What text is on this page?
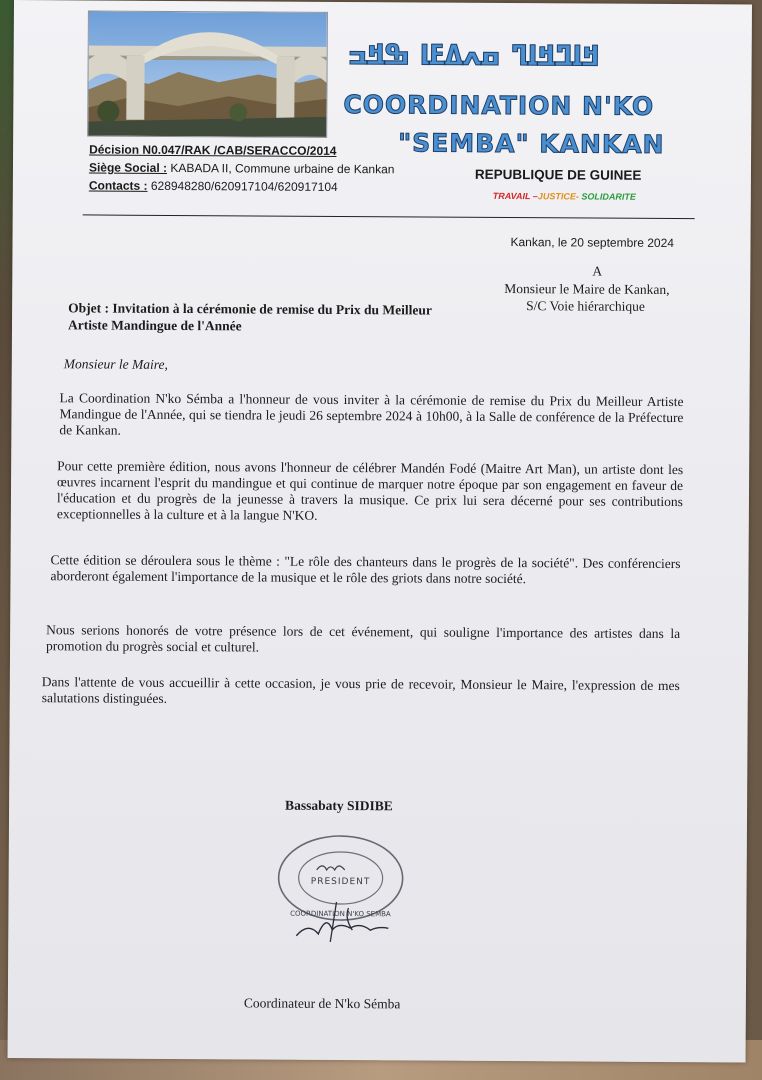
ߞߊߣߞߊߣ ߛߍߡߓߊ ߒߞߏ
COORDINATION N'KO
"SEMBA" KANKAN
Décision N0.047/RAK /CAB/SERACCO/2014
Siège Social : KABADA II, Commune urbaine de Kankan
Contacts : 628948280/620917104/620917104
REPUBLIQUE DE GUINEE
TRAVAIL –JUSTICE- SOLIDARITE
Kankan, le 20 septembre 2024
A
Monsieur le Maire de Kankan,
S/C Voie hiérarchique
Objet : Invitation à la cérémonie de remise du Prix du Meilleur
Artiste Mandingue de l'Année
Monsieur le Maire,
La Coordination N'ko Sémba a l'honneur de vous inviter à la cérémonie de remise du Prix du Meilleur Artiste Mandingue de l'Année, qui se tiendra le jeudi 26 septembre 2024 à 10h00, à la Salle de conférence de la Préfecture de Kankan.
Pour cette première édition, nous avons l'honneur de célébrer Mandén Fodé (Maitre Art Man), un artiste dont les œuvres incarnent l'esprit du mandingue et qui continue de marquer notre époque par son engagement en faveur de l'éducation et du progrès de la jeunesse à travers la musique. Ce prix lui sera décerné pour ses contributions exceptionnelles à la culture et à la langue N'KO.
Cette édition se déroulera sous le thème : "Le rôle des chanteurs dans le progrès de la société". Des conférenciers aborderont également l'importance de la musique et le rôle des griots dans notre société.
Nous serions honorés de votre présence lors de cet événement, qui souligne l'importance des artistes dans la promotion du progrès social et culturel.
Dans l'attente de vous accueillir à cette occasion, je vous prie de recevoir, Monsieur le Maire, l'expression de mes salutations distinguées.
Bassabaty SIDIBE
PRESIDENT
COORDINATION N'KO SEMBA
Coordinateur de N'ko Sémba
